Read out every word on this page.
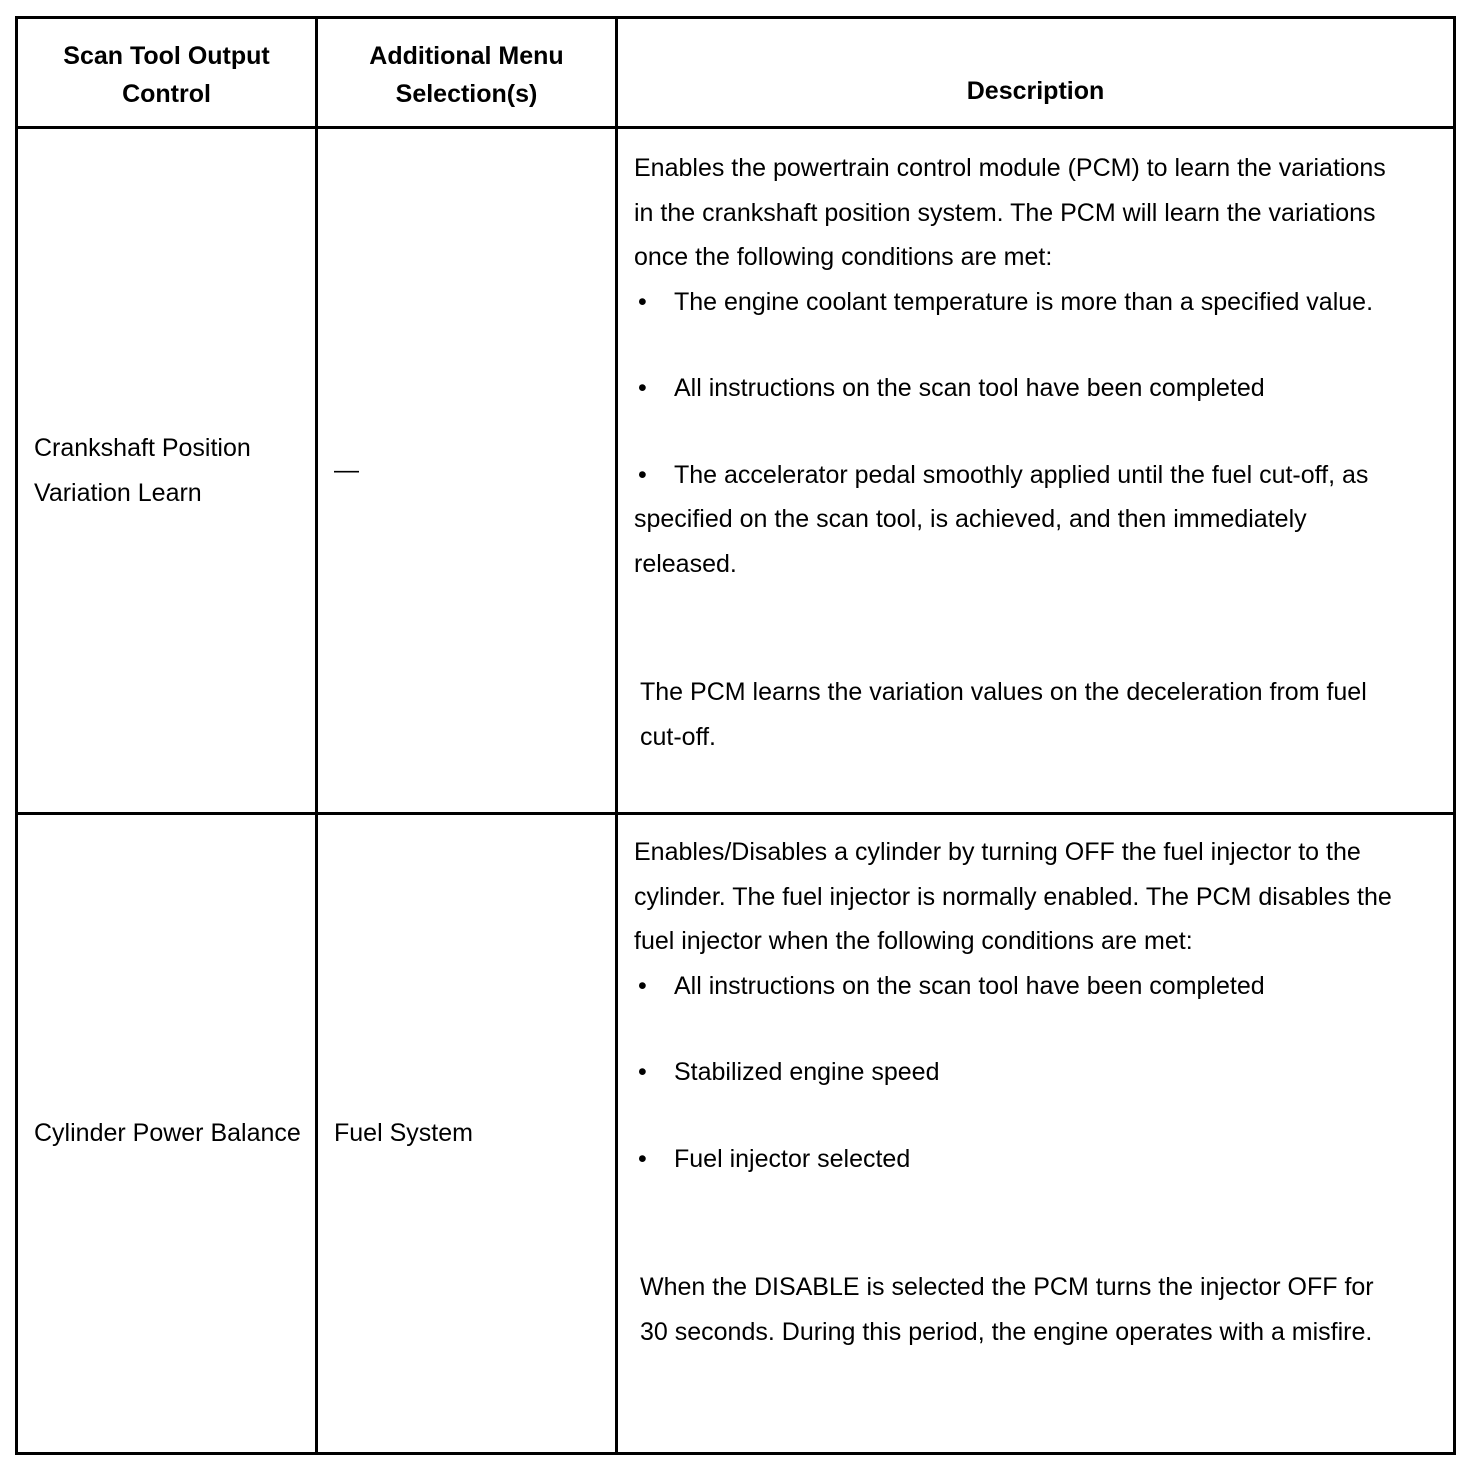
Scan Tool Output Control	Additional Menu Selection(s)	Description
Crankshaft Position Variation Learn	—	Enables the powertrain control module (PCM) to learn the variations in the crankshaft position system. The PCM will learn the variations once the following conditions are met:

• The engine coolant temperature is more than a specified value.

• All instructions on the scan tool have been completed

• The accelerator pedal smoothly applied until the fuel cut-off, as specified on the scan tool, is achieved, and then immediately released.

The PCM learns the variation values on the deceleration from fuel cut-off.

Cylinder Power Balance	Fuel System	Enables/Disables a cylinder by turning OFF the fuel injector to the cylinder. The fuel injector is normally enabled. The PCM disables the fuel injector when the following conditions are met:

• All instructions on the scan tool have been completed

• Stabilized engine speed

• Fuel injector selected

When the DISABLE is selected the PCM turns the injector OFF for 30 seconds. During this period, the engine operates with a misfire.
